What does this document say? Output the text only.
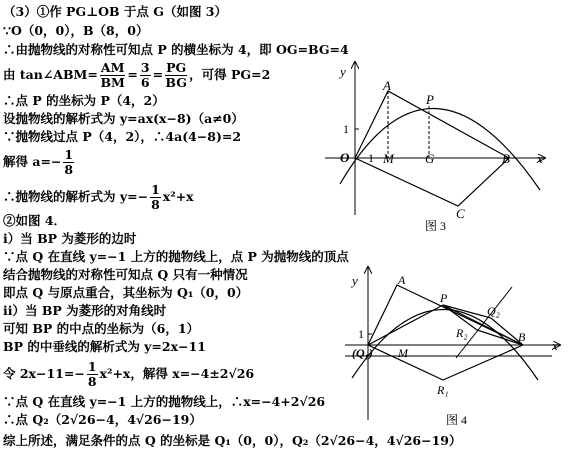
（3）①作 PG⊥OB 于点 G（如图 3）
∵O（0，0），B（8，0）
∴由抛物线的对称性可知点 P 的横坐标为 4，即 OG=BG=4
由 tan∠ABM= $\frac{AM}{BM} = \frac{3}{6} = \frac{PG}{BG}$ ，可得 PG=2
∴点 P 的坐标为 P（4，2）
设抛物线的解析式为 y=ax(x−8)（a≠0）
∵抛物线过点 P（4，2），∴4a(4−8)=2
解得 $a=- \frac{1}{8}$
∴抛物线的解析式为 $y=- \frac{1}{8} x^2+x$
②如图 4．
i）当 BP 为菱形的边时
∵点 Q 在直线 y=−1 上方的抛物线上，点 P 为抛物线的顶点
结合抛物线的对称性可知点 Q 只有一种情况
即点 Q 与原点重合，其坐标为 Q₁（0，0）
ii）当 BP 为菱形的对角线时
可知 BP 的中点的坐标为（6，1）
BP 的中垂线的解析式为 y=2x−11
令 $2x-11=- \frac{1}{8} x^2+x$，解得 x=−4±2√26
∵点 Q 在直线 y=−1 上方的抛物线上，∴x=−4+2√26
∴点 Q₂（2√26−4，4√26−19）
综上所述，满足条件的点 Q 的坐标是 Q₁（0，0），Q₂（2√26−4，4√26−19）
y
x
O 1
1
M G	B
A
P
C
图 3
y
x
1
(Q₁) M
A
P
Q₂
R₂
R₁
B
图 4
